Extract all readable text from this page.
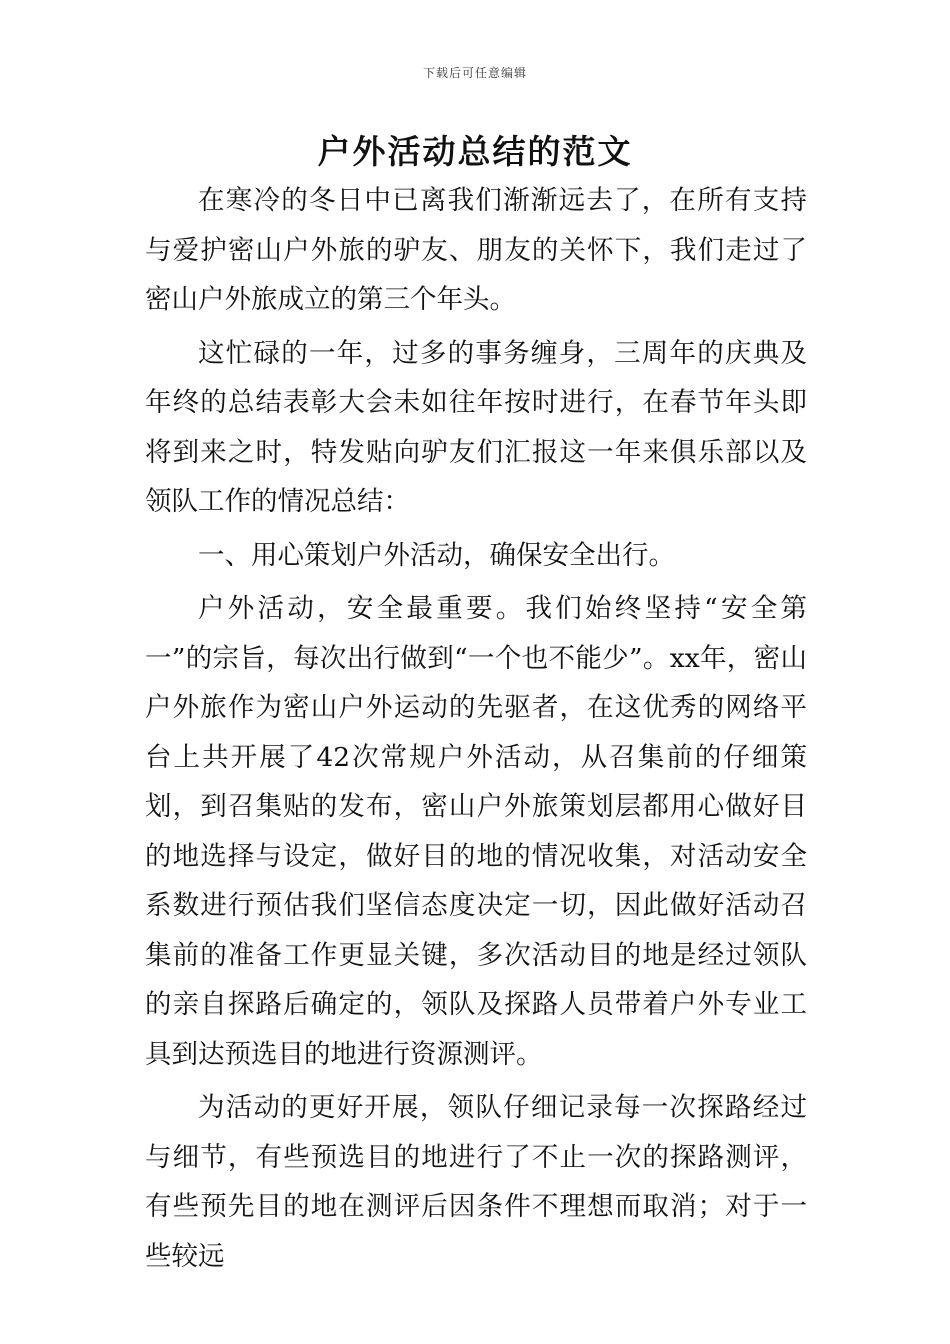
下载后可任意编辑
户外活动总结的范文

在寒冷的冬日中已离我们渐渐远去了，在所有支持与爱护密山户外旅的驴友、朋友的关怀下，我们走过了密山户外旅成立的第三个年头。

这忙碌的一年，过多的事务缠身，三周年的庆典及年终的总结表彰大会未如往年按时进行，在春节年头即将到来之时，特发贴向驴友们汇报这一年来俱乐部以及领队工作的情况总结：

一、用心策划户外活动，确保安全出行。

户外活动，安全最重要。我们始终坚持“安全第一”的宗旨，每次出行做到“一个也不能少”。xx年，密山户外旅作为密山户外运动的先驱者，在这优秀的网络平台上共开展了42次常规户外活动，从召集前的仔细策划，到召集贴的发布，密山户外旅策划层都用心做好目的地选择与设定，做好目的地的情况收集，对活动安全系数进行预估我们坚信态度决定一切，因此做好活动召集前的准备工作更显关键，多次活动目的地是经过领队的亲自探路后确定的，领队及探路人员带着户外专业工具到达预选目的地进行资源测评。

为活动的更好开展，领队仔细记录每一次探路经过与细节，有些预选目的地进行了不止一次的探路测评，有些预先目的地在测评后因条件不理想而取消；对于一些较远
